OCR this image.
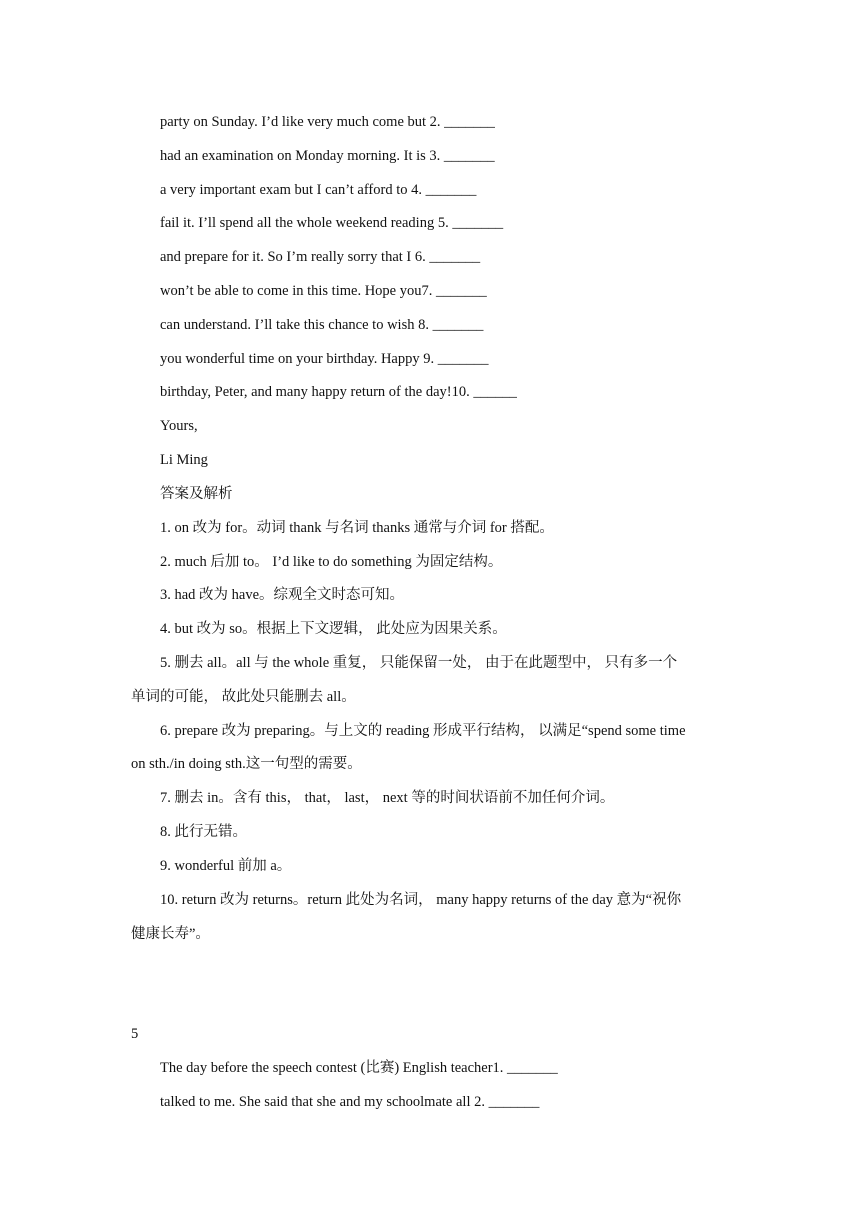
party on Sunday. I’d like very much come but 2. _______
had an examination on Monday morning. It is 3. _______
a very important exam but I can’t afford to 4. _______
fail it. I’ll spend all the whole weekend reading 5. _______
and prepare for it. So I’m really sorry that I 6. _______
won’t be able to come in this time. Hope you7. _______
can understand. I’ll take this chance to wish 8. _______
you wonderful time on your birthday. Happy 9. _______
birthday, Peter, and many happy return of the day!10. ______
Yours,
Li Ming
答案及解析
1. on 改为 for。动词 thank 与名词 thanks 通常与介词 for 搭配。
2. much 后加 to。 I’d like to do something 为固定结构。
3. had 改为 have。综观全文时态可知。
4. but 改为 so。根据上下文逻辑， 此处应为因果关系。
5. 删去 all。all 与 the whole 重复， 只能保留一处， 由于在此题型中， 只有多一个
单词的可能， 故此处只能删去 all。
6. prepare 改为 preparing。与上文的 reading 形成平行结构， 以满足“spend some time
on sth./in doing sth.这一句型的需要。
7. 删去 in。含有 this， that， last， next 等的时间状语前不加任何介词。
8. 此行无错。
9. wonderful 前加 a。
10. return 改为 returns。return 此处为名词， many happy returns of the day 意为“祝你
健康长寿”。
5
The day before the speech contest (比赛) English teacher1. _______
talked to me. She said that she and my schoolmate all 2. _______
